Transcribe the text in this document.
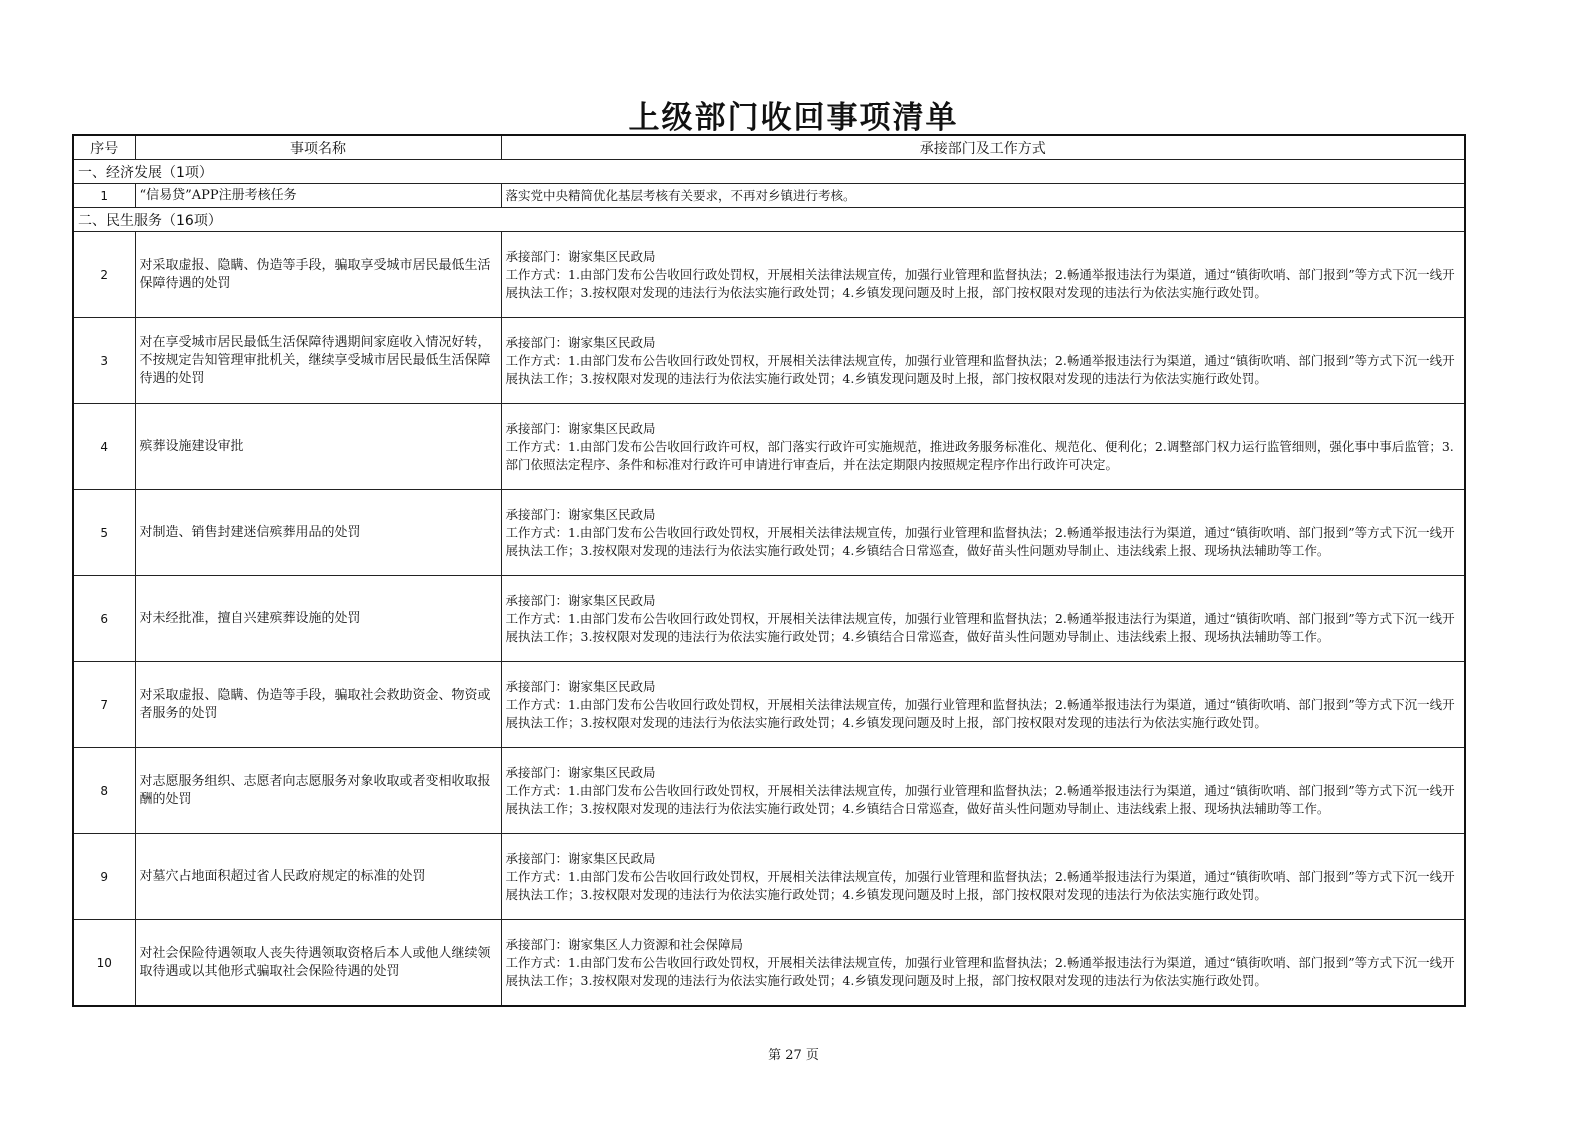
上级部门收回事项清单
序号	事项名称	承接部门及工作方式
一、经济发展（1项）		
1	“信易贷”APP注册考核任务	落实党中央精简优化基层考核有关要求，不再对乡镇进行考核。
二、民生服务（16项）		
2	对采取虚报、隐瞒、伪造等手段，骗取享受城市居民最低生活保障待遇的处罚	承接部门：谢家集区民政局
工作方式：1.由部门发布公告收回行政处罚权，开展相关法律法规宣传，加强行业管理和监督执法；2.畅通举报违法行为渠道，通过“镇街吹哨、部门报到”等方式下沉一线开展执法工作；3.按权限对发现的违法行为依法实施行政处罚；4.乡镇发现问题及时上报，部门按权限对发现的违法行为依法实施行政处罚。

3	对在享受城市居民最低生活保障待遇期间家庭收入情况好转，不按规定告知管理审批机关，继续享受城市居民最低生活保障待遇的处罚	承接部门：谢家集区民政局
工作方式：1.由部门发布公告收回行政处罚权，开展相关法律法规宣传，加强行业管理和监督执法；2.畅通举报违法行为渠道，通过“镇街吹哨、部门报到”等方式下沉一线开展执法工作；3.按权限对发现的违法行为依法实施行政处罚；4.乡镇发现问题及时上报，部门按权限对发现的违法行为依法实施行政处罚。

4	殡葬设施建设审批	承接部门：谢家集区民政局
工作方式：1.由部门发布公告收回行政许可权，部门落实行政许可实施规范，推进政务服务标准化、规范化、便利化；2.调整部门权力运行监管细则，强化事中事后监管；3.部门依照法定程序、条件和标准对行政许可申请进行审查后，并在法定期限内按照规定程序作出行政许可决定。

5	对制造、销售封建迷信殡葬用品的处罚	承接部门：谢家集区民政局
工作方式：1.由部门发布公告收回行政处罚权，开展相关法律法规宣传，加强行业管理和监督执法；2.畅通举报违法行为渠道，通过“镇街吹哨、部门报到”等方式下沉一线开展执法工作；3.按权限对发现的违法行为依法实施行政处罚；4.乡镇结合日常巡查，做好苗头性问题劝导制止、违法线索上报、现场执法辅助等工作。

6	对未经批准，擅自兴建殡葬设施的处罚	承接部门：谢家集区民政局
工作方式：1.由部门发布公告收回行政处罚权，开展相关法律法规宣传，加强行业管理和监督执法；2.畅通举报违法行为渠道，通过“镇街吹哨、部门报到”等方式下沉一线开展执法工作；3.按权限对发现的违法行为依法实施行政处罚；4.乡镇结合日常巡查，做好苗头性问题劝导制止、违法线索上报、现场执法辅助等工作。

7	对采取虚报、隐瞒、伪造等手段，骗取社会救助资金、物资或者服务的处罚	承接部门：谢家集区民政局
工作方式：1.由部门发布公告收回行政处罚权，开展相关法律法规宣传，加强行业管理和监督执法；2.畅通举报违法行为渠道，通过“镇街吹哨、部门报到”等方式下沉一线开展执法工作；3.按权限对发现的违法行为依法实施行政处罚；4.乡镇发现问题及时上报，部门按权限对发现的违法行为依法实施行政处罚。

8	对志愿服务组织、志愿者向志愿服务对象收取或者变相收取报酬的处罚	承接部门：谢家集区民政局
工作方式：1.由部门发布公告收回行政处罚权，开展相关法律法规宣传，加强行业管理和监督执法；2.畅通举报违法行为渠道，通过“镇街吹哨、部门报到”等方式下沉一线开展执法工作；3.按权限对发现的违法行为依法实施行政处罚；4.乡镇结合日常巡查，做好苗头性问题劝导制止、违法线索上报、现场执法辅助等工作。

9	对墓穴占地面积超过省人民政府规定的标准的处罚	承接部门：谢家集区民政局
工作方式：1.由部门发布公告收回行政处罚权，开展相关法律法规宣传，加强行业管理和监督执法；2.畅通举报违法行为渠道，通过“镇街吹哨、部门报到”等方式下沉一线开展执法工作；3.按权限对发现的违法行为依法实施行政处罚；4.乡镇发现问题及时上报，部门按权限对发现的违法行为依法实施行政处罚。

10	对社会保险待遇领取人丧失待遇领取资格后本人或他人继续领取待遇或以其他形式骗取社会保险待遇的处罚	承接部门：谢家集区人力资源和社会保障局
工作方式：1.由部门发布公告收回行政处罚权，开展相关法律法规宣传，加强行业管理和监督执法；2.畅通举报违法行为渠道，通过“镇街吹哨、部门报到”等方式下沉一线开展执法工作；3.按权限对发现的违法行为依法实施行政处罚；4.乡镇发现问题及时上报，部门按权限对发现的违法行为依法实施行政处罚。
第 27 页
